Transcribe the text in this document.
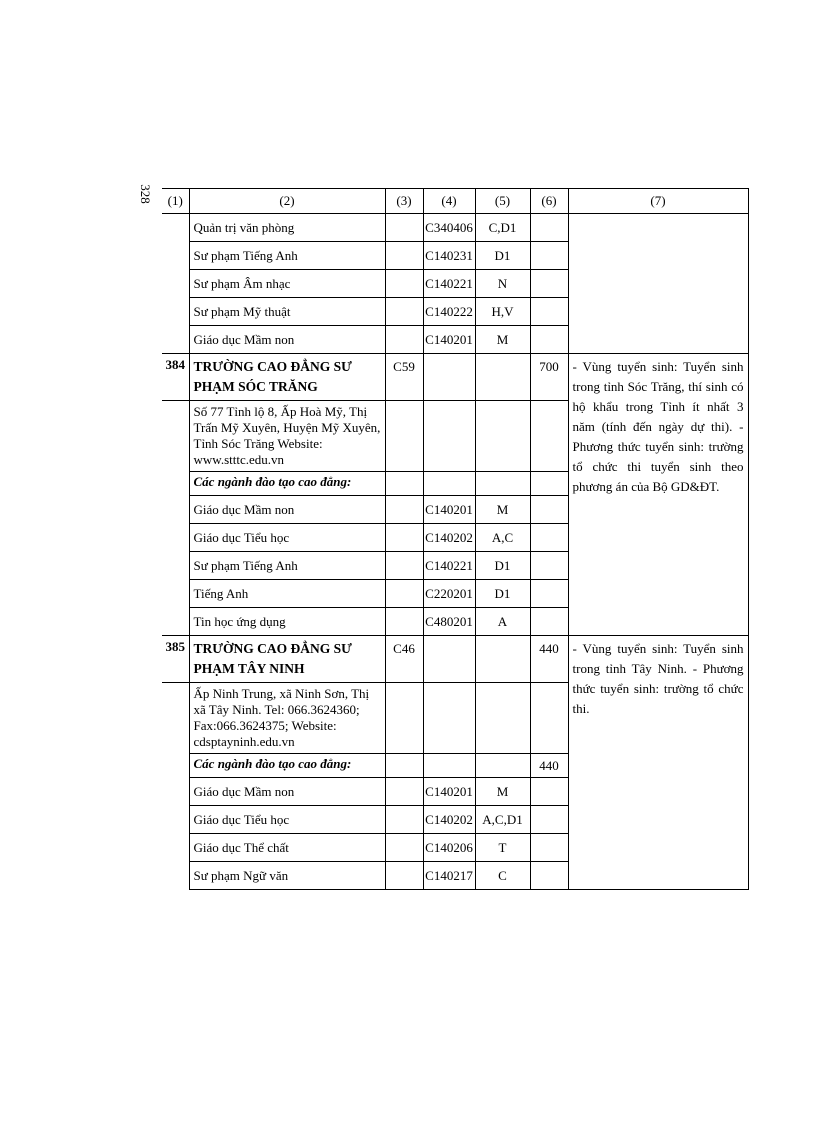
328 (1)	(2)	(3)	(4)	(5)	(6)	(7)
	Quản trị văn phòng		C340406	C,D1		
	Sư phạm Tiếng Anh		C140231	D1		
	Sư phạm Âm nhạc		C140221	N		
	Sư phạm Mỹ thuật		C140222	H,V		
	Giáo dục Mầm non		C140201	M		
384	TRƯỜNG CAO ĐẲNG SƯ PHẠM SÓC TRĂNG	C59			700	- Vùng tuyển sinh: Tuyển sinh trong tỉnh Sóc Trăng, thí sinh có hộ khẩu trong Tỉnh ít nhất 3 năm (tính đến ngày dự thi). - Phương thức tuyển sinh: trường tổ chức thi tuyển sinh theo phương án của Bộ GD&ĐT.
	Số 77 Tỉnh lộ 8, Ấp Hoà Mỹ, Thị Trấn Mỹ Xuyên, Huyện Mỹ Xuyên, Tỉnh Sóc Trăng Website: www.stttc.edu.vn					
	Các ngành đào tạo cao đẳng:					
	Giáo dục Mầm non		C140201	M		
	Giáo dục Tiểu học		C140202	A,C		
	Sư phạm Tiếng Anh		C140221	D1		
	Tiếng Anh		C220201	D1		
	Tin học ứng dụng		C480201	A		
385	TRƯỜNG CAO ĐẲNG SƯ PHẠM TÂY NINH	C46			440	- Vùng tuyển sinh: Tuyển sinh trong tỉnh Tây Ninh. - Phương thức tuyển sinh: trường tổ chức thi.
	Ấp Ninh Trung, xã Ninh Sơn, Thị xã Tây Ninh. Tel: 066.3624360; Fax:066.3624375; Website: cdsptayninh.edu.vn					
	Các ngành đào tạo cao đẳng:				440	
	Giáo dục Mầm non		C140201	M		
	Giáo dục Tiểu học		C140202	A,C,D1		
	Giáo dục Thể chất		C140206	T		
	Sư phạm Ngữ văn		C140217	C		
